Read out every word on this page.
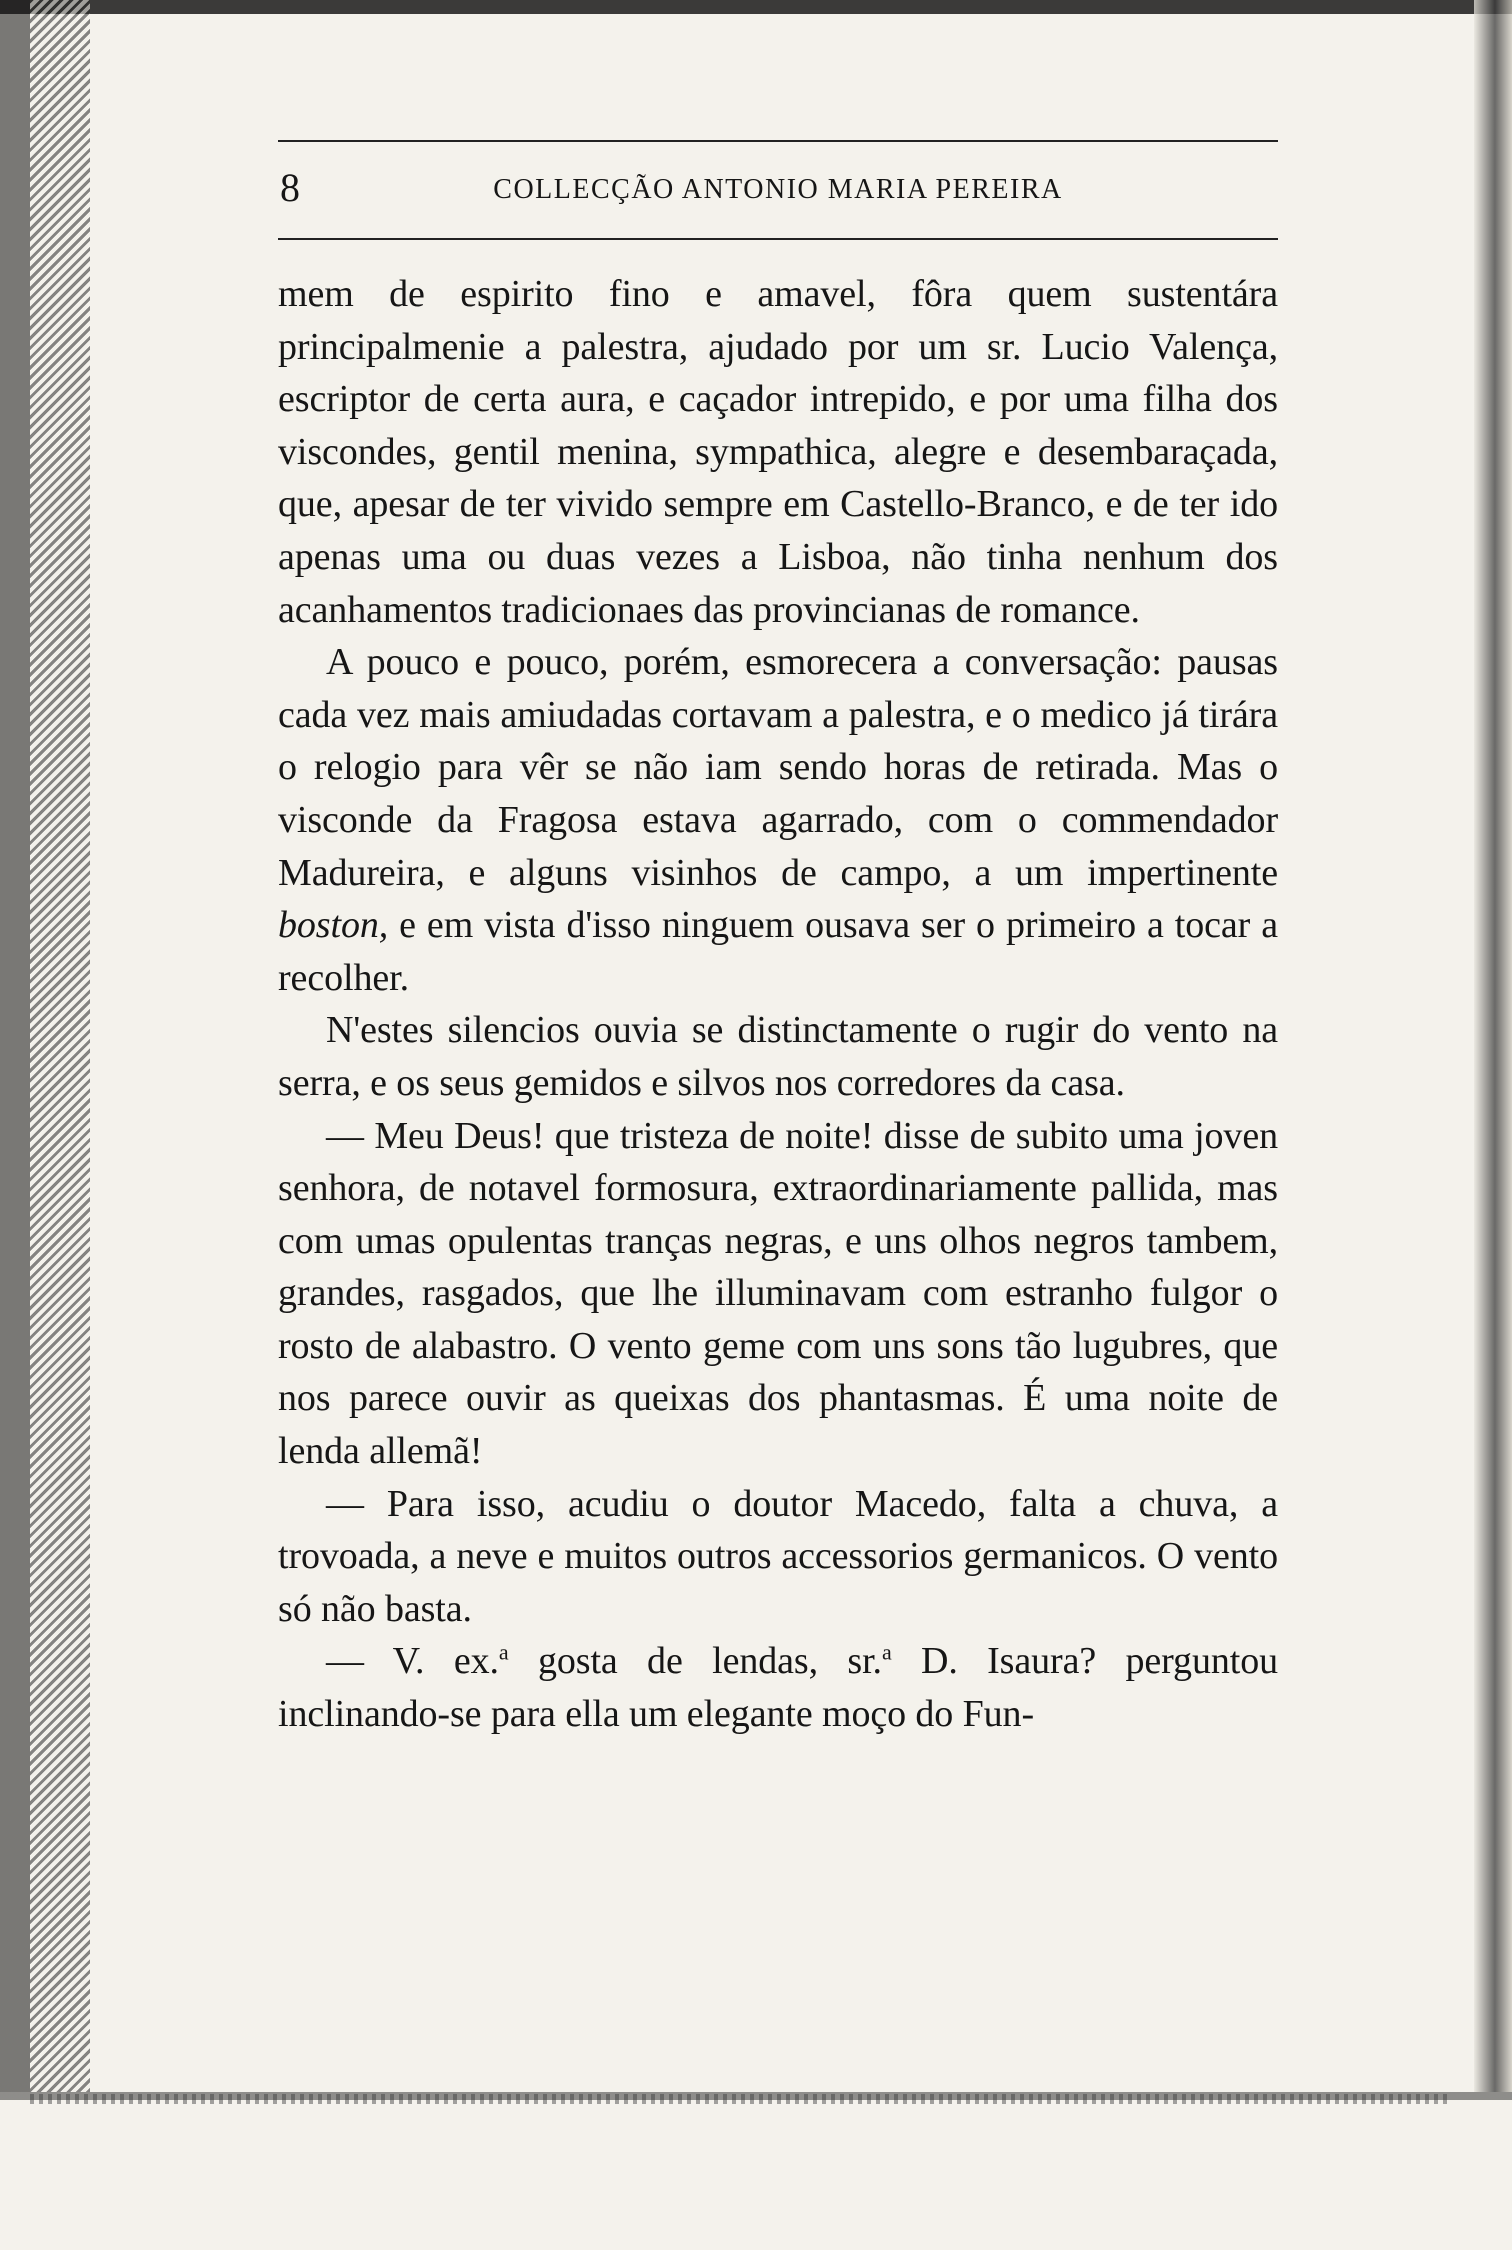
8	COLLECÇÃO ANTONIO MARIA PEREIRA

mem de espirito fino e amavel, fôra quem sustentára principalmenie a palestra, ajudado por um sr. Lucio Valença, escriptor de certa aura, e caçador intrepido, e por uma filha dos viscondes, gentil menina, sympathica, alegre e desembaraçada, que, apesar de ter vivido sempre em Castello-Branco, e de ter ido apenas uma ou duas vezes a Lisboa, não tinha nenhum dos acanhamentos tradicionaes das provincianas de romance.

A pouco e pouco, porém, esmorecera a conversação: pausas cada vez mais amiudadas cortavam a palestra, e o medico já tirára o relogio para vêr se não iam sendo horas de retirada. Mas o visconde da Fragosa estava agarrado, com o commendador Madureira, e alguns visinhos de campo, a um impertinente boston, e em vista d'isso ninguem ousava ser o primeiro a tocar a recolher.

N'estes silencios ouvia se distinctamente o rugir do vento na serra, e os seus gemidos e silvos nos corredores da casa.

— Meu Deus! que tristeza de noite! disse de subito uma joven senhora, de notavel formosura, extraordinariamente pallida, mas com umas opulentas tranças negras, e uns olhos negros tambem, grandes, rasgados, que lhe illuminavam com estranho fulgor o rosto de alabastro. O vento geme com uns sons tão lugubres, que nos parece ouvir as queixas dos phantasmas. É uma noite de lenda allemã!

— Para isso, acudiu o doutor Macedo, falta a chuva, a trovoada, a neve e muitos outros accessorios germanicos. O vento só não basta.

— V. ex.$^a$ gosta de lendas, sr.$^a$ D. Isaura? perguntou inclinando-se para ella um elegante moço do Fun-
